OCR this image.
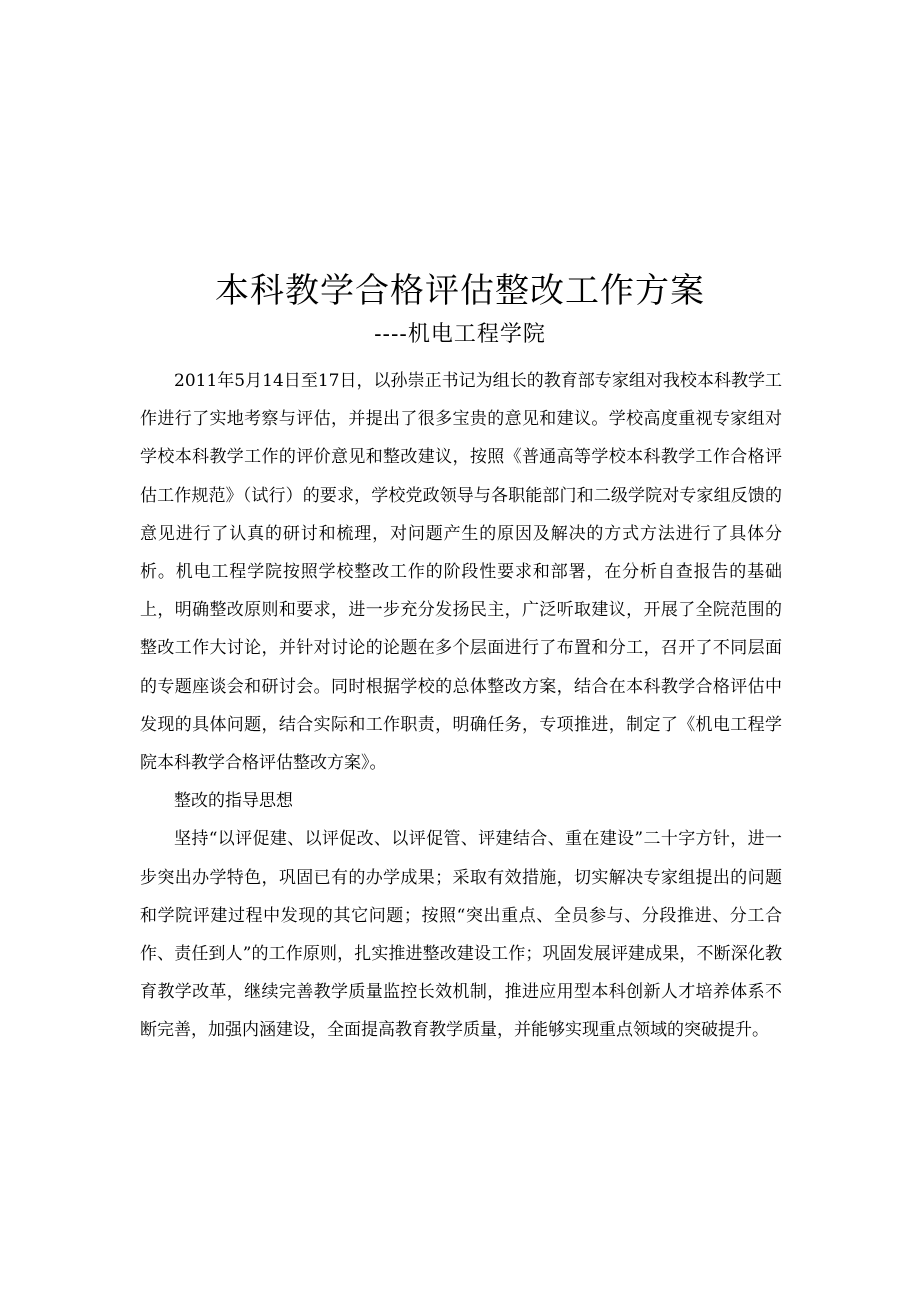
本科教学合格评估整改工作方案
----机电工程学院

2011年5月14日至17日，以孙崇正书记为组长的教育部专家组对我校本科教学工作进行了实地考察与评估，并提出了很多宝贵的意见和建议。学校高度重视专家组对学校本科教学工作的评价意见和整改建议，按照《普通高等学校本科教学工作合格评估工作规范》（试行）的要求，学校党政领导与各职能部门和二级学院对专家组反馈的意见进行了认真的研讨和梳理，对问题产生的原因及解决的方式方法进行了具体分析。机电工程学院按照学校整改工作的阶段性要求和部署，在分析自查报告的基础上，明确整改原则和要求，进一步充分发扬民主，广泛听取建议，开展了全院范围的整改工作大讨论，并针对讨论的论题在多个层面进行了布置和分工，召开了不同层面的专题座谈会和研讨会。同时根据学校的总体整改方案，结合在本科教学合格评估中发现的具体问题，结合实际和工作职责，明确任务，专项推进，制定了《机电工程学院本科教学合格评估整改方案》。

整改的指导思想

坚持“以评促建、以评促改、以评促管、评建结合、重在建设”二十字方针，进一步突出办学特色，巩固已有的办学成果；采取有效措施，切实解决专家组提出的问题和学院评建过程中发现的其它问题；按照“突出重点、全员参与、分段推进、分工合作、责任到人”的工作原则，扎实推进整改建设工作；巩固发展评建成果，不断深化教育教学改革，继续完善教学质量监控长效机制，推进应用型本科创新人才培养体系不断完善，加强内涵建设，全面提高教育教学质量，并能够实现重点领域的突破提升。
